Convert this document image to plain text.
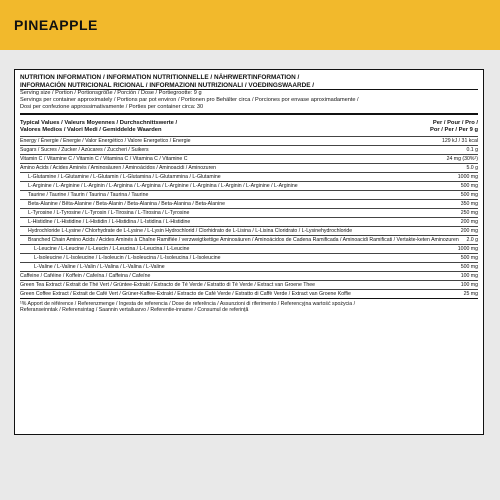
PINEAPPLE
NUTRITION INFORMATION / INFORMATION NUTRITIONNELLE / NÄHRWERTINFORMATION /
INFORMACIÓN NUTRICIONAL RICIONAL / INFORMAZIONI NUTRIZIONALI / VOEDINGSWAARDE /
Serving size / Portion / Portionsgröße / Porción / Dose / Portiegrootte: 9 g
Servings per container approximately / Portions par pot environ / Portionen pro Behälter circa / Porciones por envase aproximadamente /
Dosi per confezione approssimativamente / Porties per container circa: 30
Typical Values / Valeurs Moyennes / Durchschnittswerte /
Valores Medios / Valori Medi / Gemiddelde Waarden
Per / Pour / Pro /
Por / Per / Per 9 g
Energy / Énergie / Energie / Valor Energético / Valore Energetico / Energie	129 kJ / 31 kcal
Sugars / Sucres / Zucker / Azúcares / Zuccheri / Suikers	0.1 g
Vitamin C / Vitamine C / Vitamin C / Vitamina C / Vitamina C / Vitamine C	24 mg (30%¹)
Amino Acids / Acides Aminés / Aminosäuren / Aminoácidos / Aminoacidi / Aminozuren	5.0 g
L-Glutamine / L-Glutamine / L-Glutamin / L-Glutamina / L-Glutammina / L-Glutamine	1000 mg
L-Arginine / L-Arginine / L-Arginin / L-Arginina / L-Arginina / L-Arginine / L-Arginina / L-Arginin / L-Arginine / L-Arginine	500 mg
Taurine / Taurine / Taurin / Taurina / Taurina / Taurine	500 mg
Beta-Alanine / Bêta-Alanine / Beta-Alanin / Beta-Alanina / Beta-Alanina / Beta-Alanine	350 mg
L-Tyrosine / L-Tyrosine / L-Tyrosin / L-Tirosina / L-Tirosina / L-Tyrosine	250 mg
L-Histidine / L-Histidine / L-Histidin / L-Histidina / L-Istidina / L-Histidine	200 mg
Hydrochloride L-Lysine / Chlorhydrate de L-Lysine / L-Lysin Hydrochlorid / Clorhidrato de L-Lisina / L-Lisina Cloridrato / L-Lysinehydrochloride	200 mg
Branched Chain Amino Acids / Acides Aminés à Chaîne Ramifiée / verzweigtkettige Aminosäuren / Aminoácidos de Cadena Ramificada / Aminoacidi Ramificati / Vertakte-keten Aminozuren	2.0 g
L-Leucine / L-Leucine / L-Leucin / L-Leucina / L-Leucina / L-Leucine	1000 mg
L-Isoleucine / L-Isoleucine / L-Isoleucin / L-Isoleucina / L-Isoleucina / L-Isoleucine	500 mg
L-Valine / L-Valine / L-Valin / L-Valina / L-Valina / L-Valine	500 mg
Caffeine / Caféine / Koffein / Cafeína / Caffeina / Cafeïne	100 mg
Green Tea Extract / Extrait de Thé Vert / Grüntee-Extrakt / Extracto de Té Verde / Estratto di Tè Verde / Extract van Groene Thee	100 mg
Green Coffee Extract / Extrait de Café Vert / Grüner-Kaffee-Extrakt / Extracto de Café Verde / Estratto di Caffè Verde / Extract van Groene Koffie	25 mg
¹% Apport de référence / Referenzmenge / Ingesta de referencia / Dose de referência / Assunzioni di riferimento / Referencyjna wartość spożycia /
Referanseinntak / Referensintag / Saannin vertailuarvo / Referentie-inname / Consumul de referință
